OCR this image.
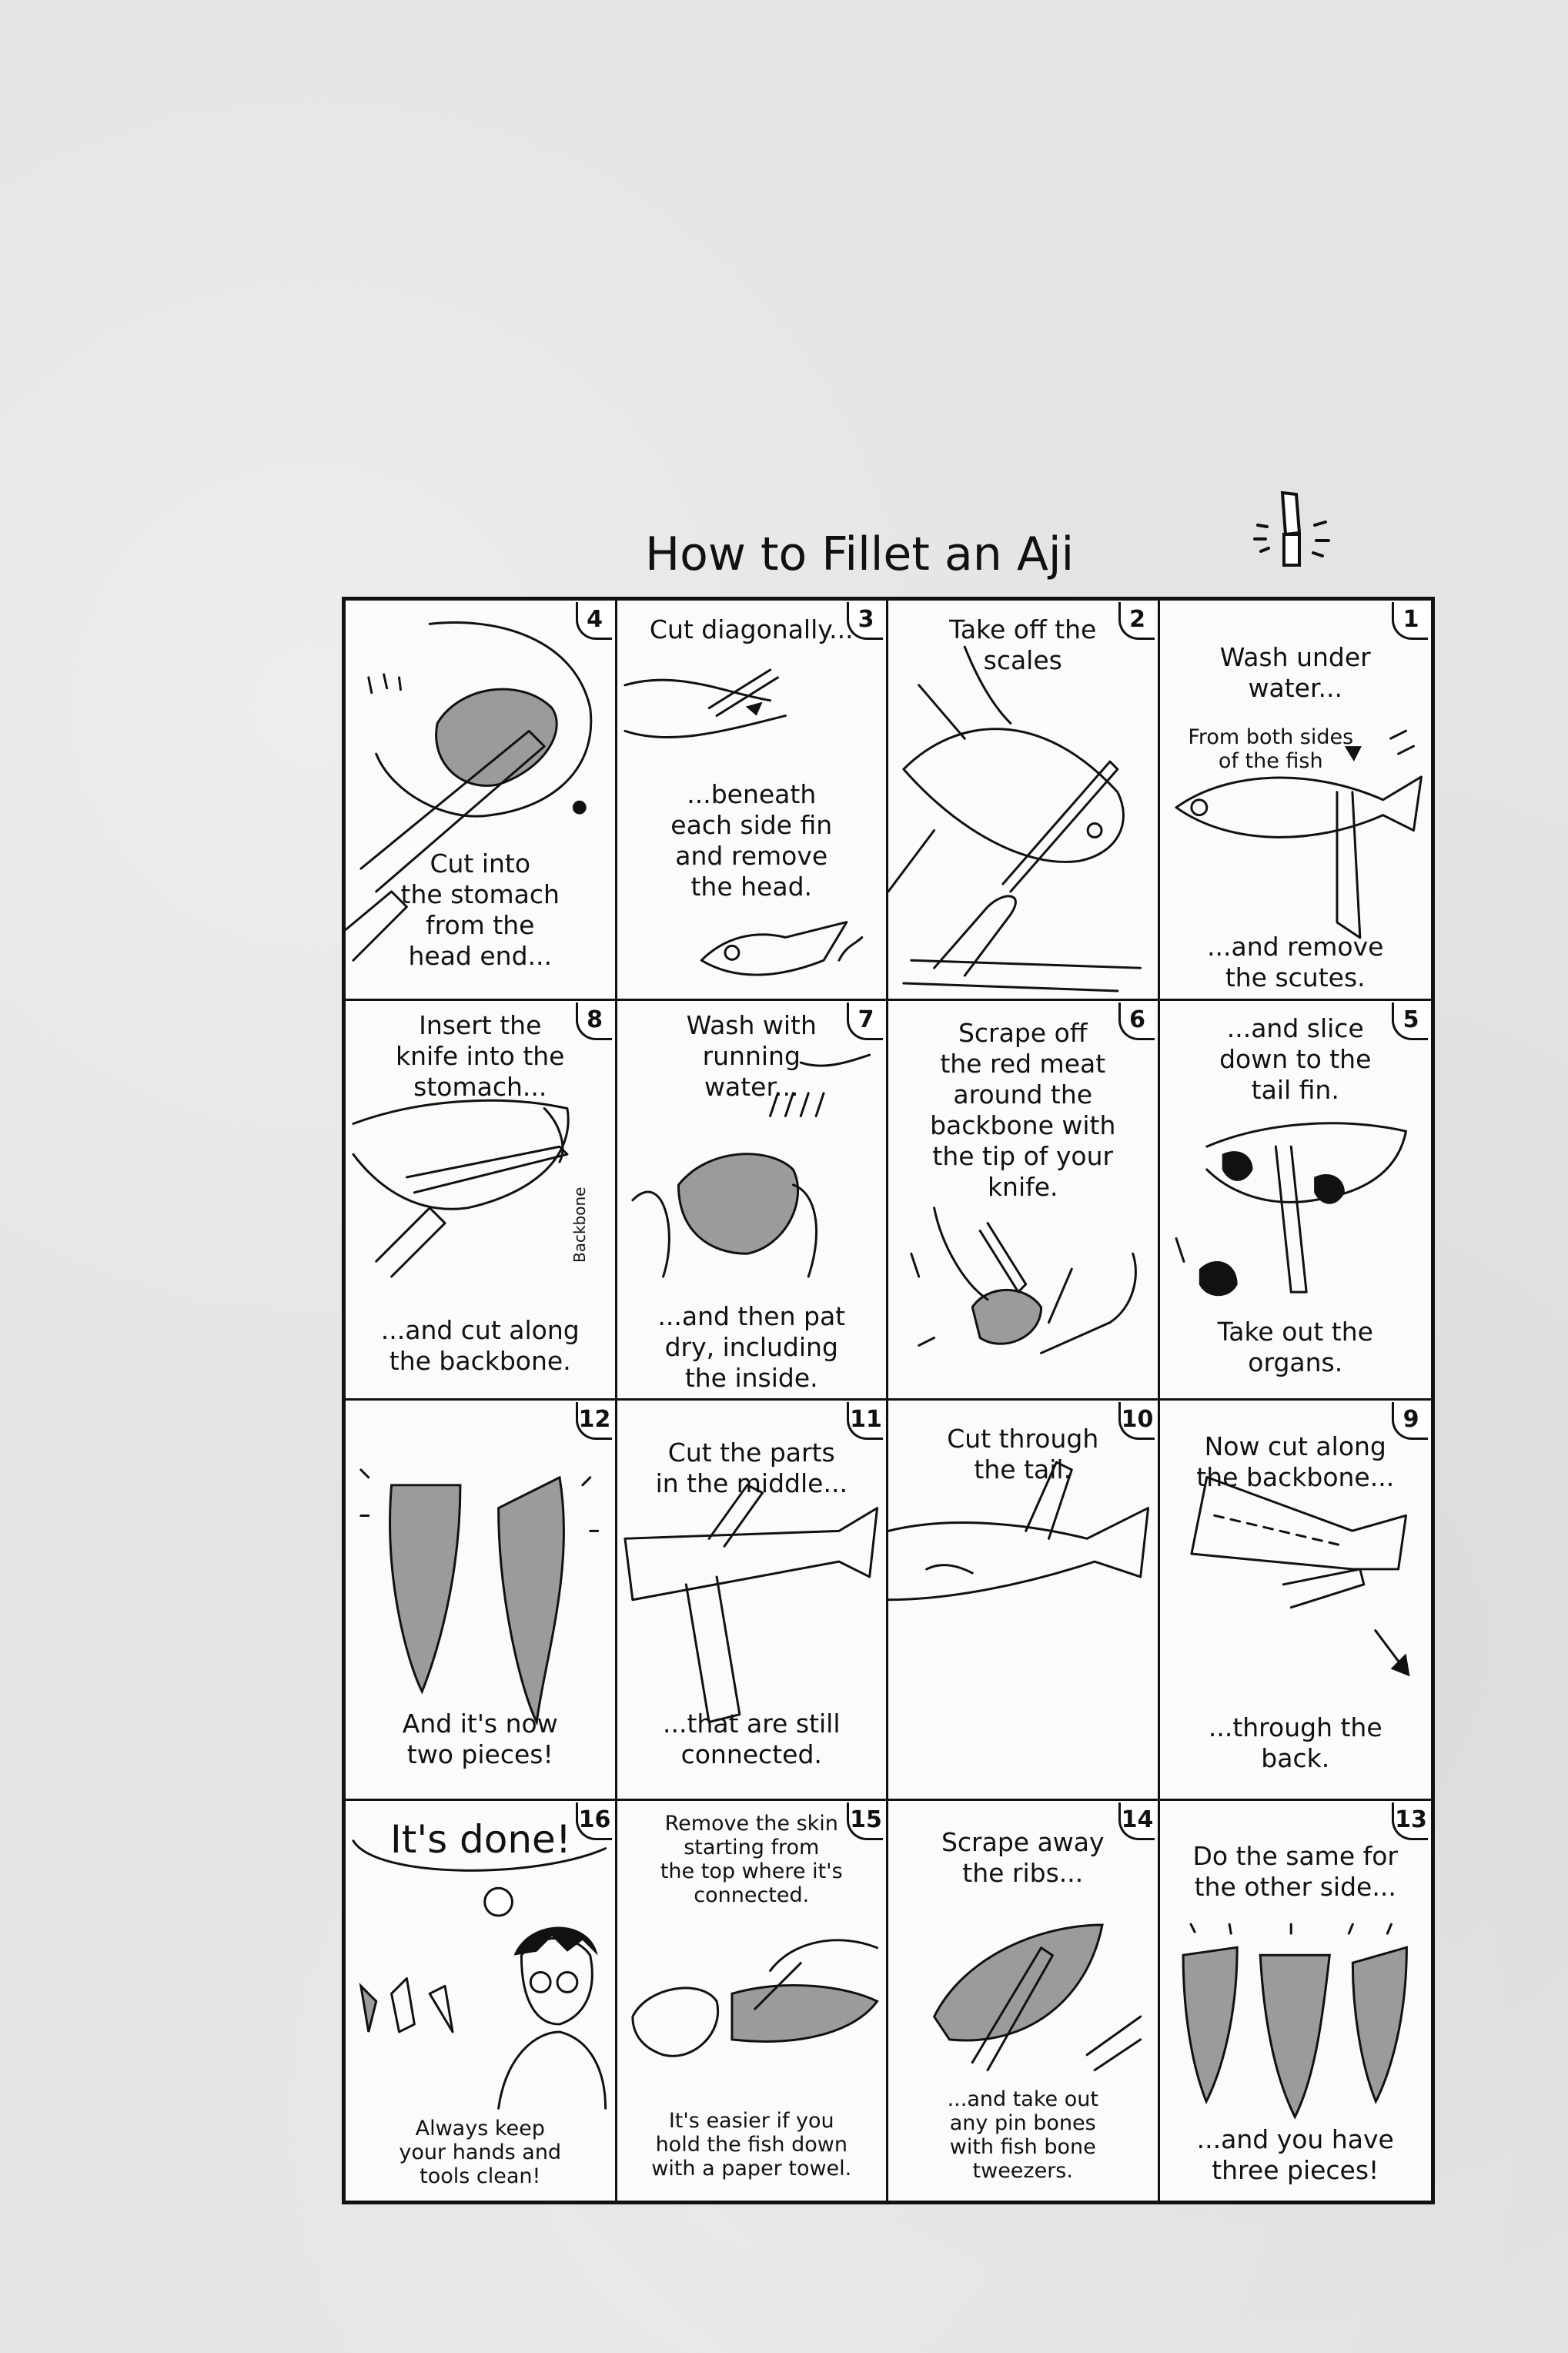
How to Fillet an Aji
4
Cut into
the stomach
from the
head end...
3
Cut diagonally...
...beneath
each side fin
and remove
the head.
2
Take off the
scales
1
Wash under
water...
From both sides
of the fish
...and remove
the scutes.
8
Insert the
knife into the
stomach...
Backbone
...and cut along
the backbone.
7
Wash with
running
water...
...and then pat
dry, including
the inside.
6
Scrape off
the red meat
around the
backbone with
the tip of your
knife.
5
...and slice
down to the
tail fin.
Take out the
organs.
12
And it's now
two pieces!
11
Cut the parts
in the middle...
...that are still
connected.
10
Cut through
the tail.
9
Now cut along
the backbone...
...through the
back.
16
It's done!
Always keep
your hands and
tools clean!
15
Remove the skin
starting from
the top where it's
connected.
It's easier if you
hold the fish down
with a paper towel.
14
Scrape away
the ribs...
...and take out
any pin bones
with fish bone
tweezers.
13
Do the same for
the other side...
...and you have
three pieces!
